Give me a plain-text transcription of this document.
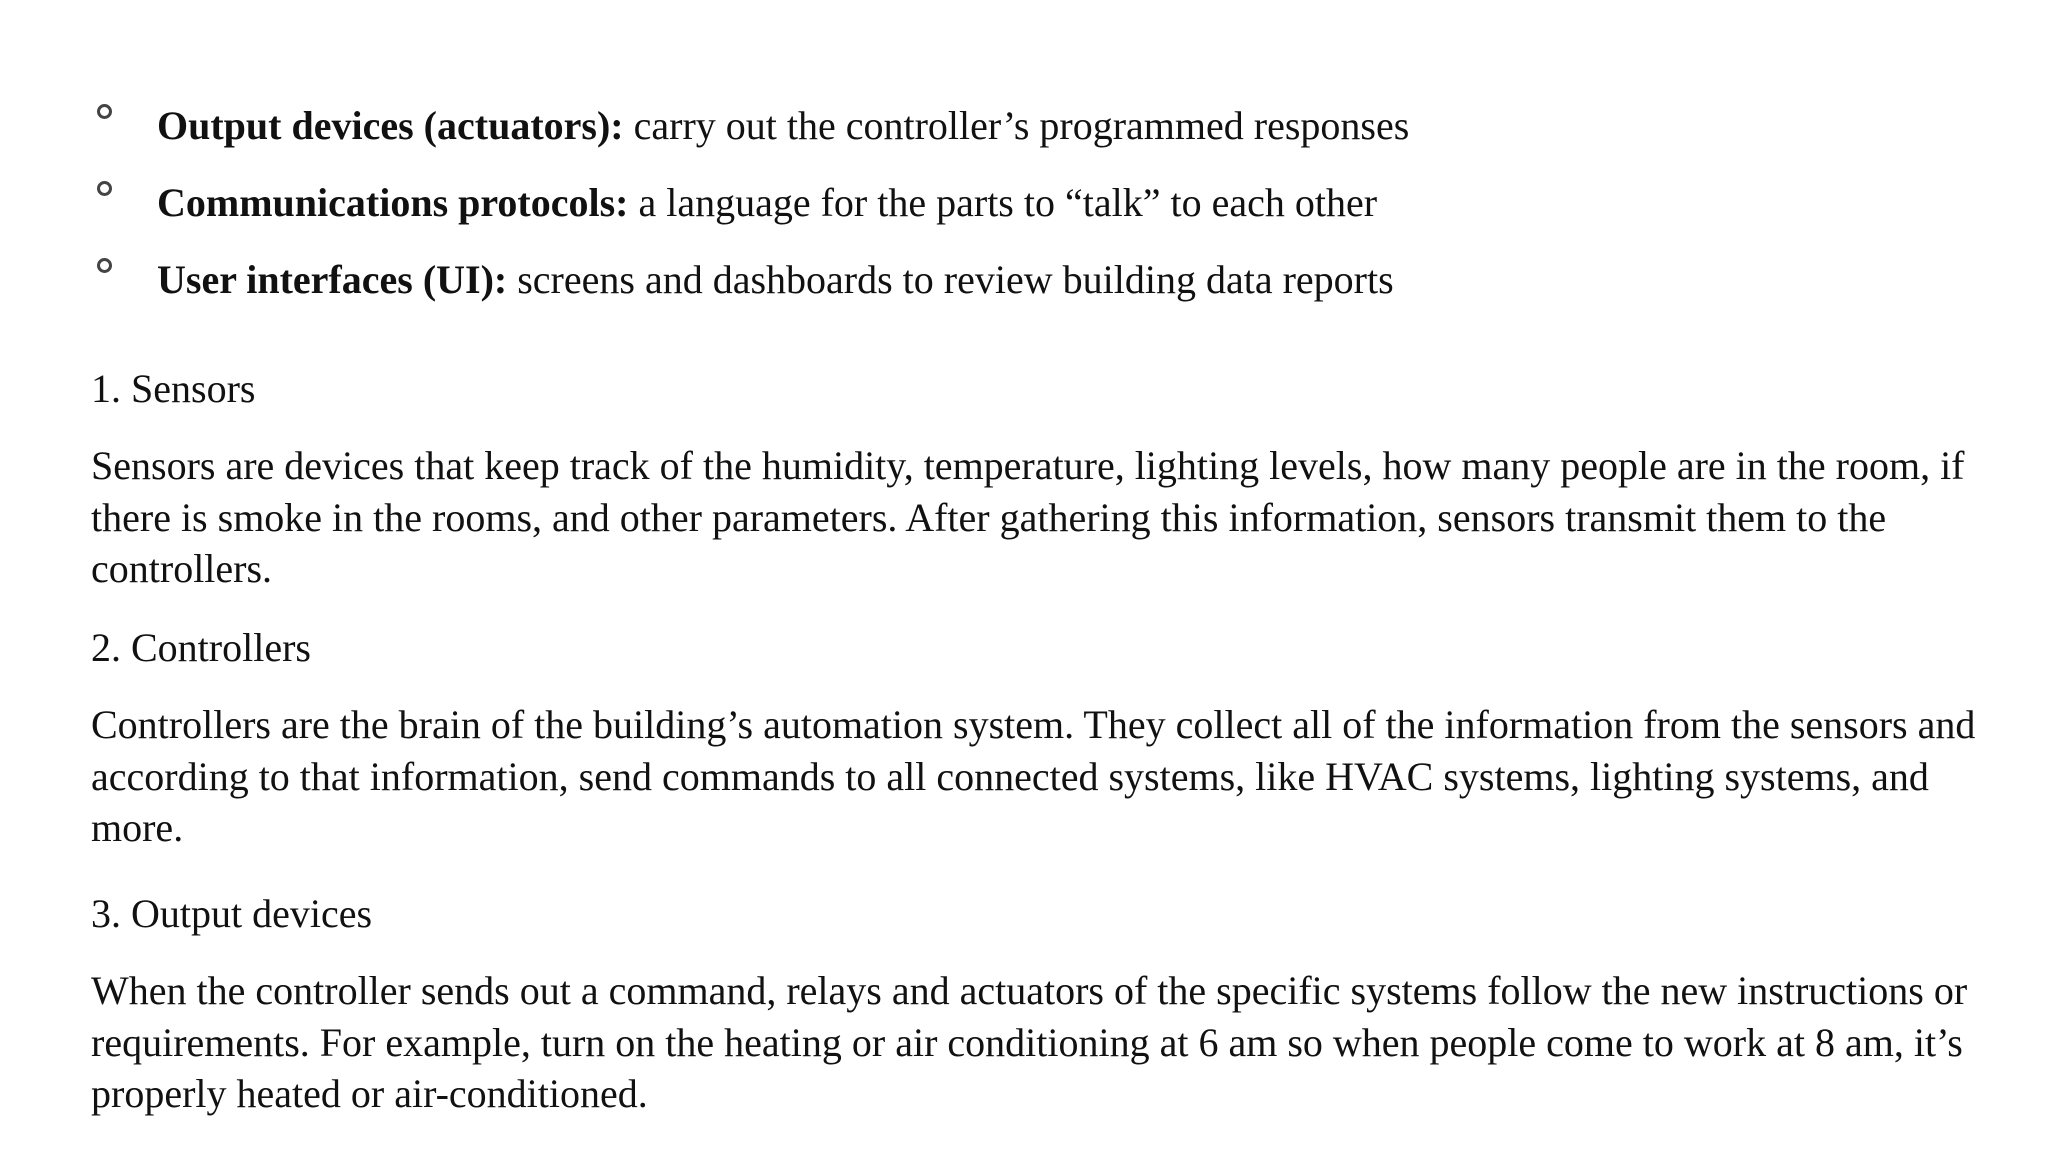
Output devices (actuators): carry out the controller’s programmed responses
Communications protocols: a language for the parts to “talk” to each other
User interfaces (UI): screens and dashboards to review building data reports
1. Sensors

Sensors are devices that keep track of the humidity, temperature, lighting levels, how many people are in the room, if there is smoke in the rooms, and other parameters. After gathering this information, sensors transmit them to the controllers.

2. Controllers

Controllers are the brain of the building’s automation system. They collect all of the information from the sensors and according to that information, send commands to all connected systems, like HVAC systems, lighting systems, and more.

3. Output devices

When the controller sends out a command, relays and actuators of the specific systems follow the new instructions or requirements. For example, turn on the heating or air conditioning at 6 am so when people come to work at 8 am, it’s properly heated or air-conditioned.
